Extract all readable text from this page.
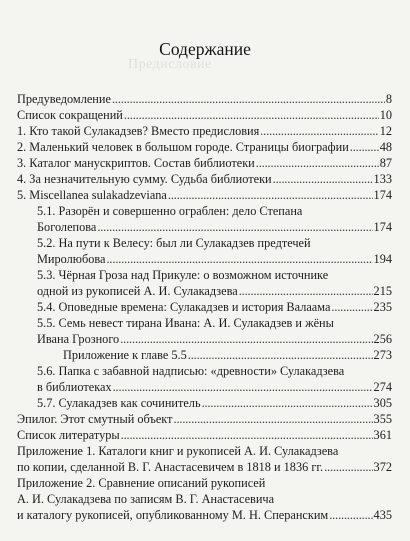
Предисловие
Содержание
Предуведомление . . .	8
Список сокращений . . .	10
1. Кто такой Сулакадзев? Вместо предисловия . . .	12
2. Маленький человек в большом городе. Страницы биографии . . .	48
3. Каталог манускриптов. Состав библиотеки . . .	87
4. За незначительную сумму. Судьба библиотеки . . .	133
5. Miscellanea sulakadzeviana . . .	174
5.1. Разорён и совершенно ограблен: дело Степана
Боголепова . . .	174
5.2. На пути к Велесу: был ли Сулакадзев предтечей
Миролюбова . . .	194
5.3. Чёрная Гроза над Прикуле: о возможном источнике
одной из рукописей А. И. Сулакадзева . . .	215
5.4. Оповедные времена: Сулакадзев и история Валаама . . .	235
5.5. Семь невест тирана Ивана: А. И. Сулакадзев и жёны
Ивана Грозного . . .	256
Приложение к главе 5.5 . . .	273
5.6. Папка с забавной надписью: «древности» Сулакадзева
в библиотеках . . .	274
5.7. Сулакадзев как сочинитель . . .	305
Эпилог. Этот смутный объект . . .	355
Список литературы . . .	361
Приложение 1. Каталоги книг и рукописей А. И. Сулакадзева
по копии, сделанной В. Г. Анастасевичем в 1818 и 1836 гг. . . .	372
Приложение 2. Сравнение описаний рукописей
А. И. Сулакадзева по записям В. Г. Анастасевича
и каталогу рукописей, опубликованному М. Н. Сперанским . . .	435
